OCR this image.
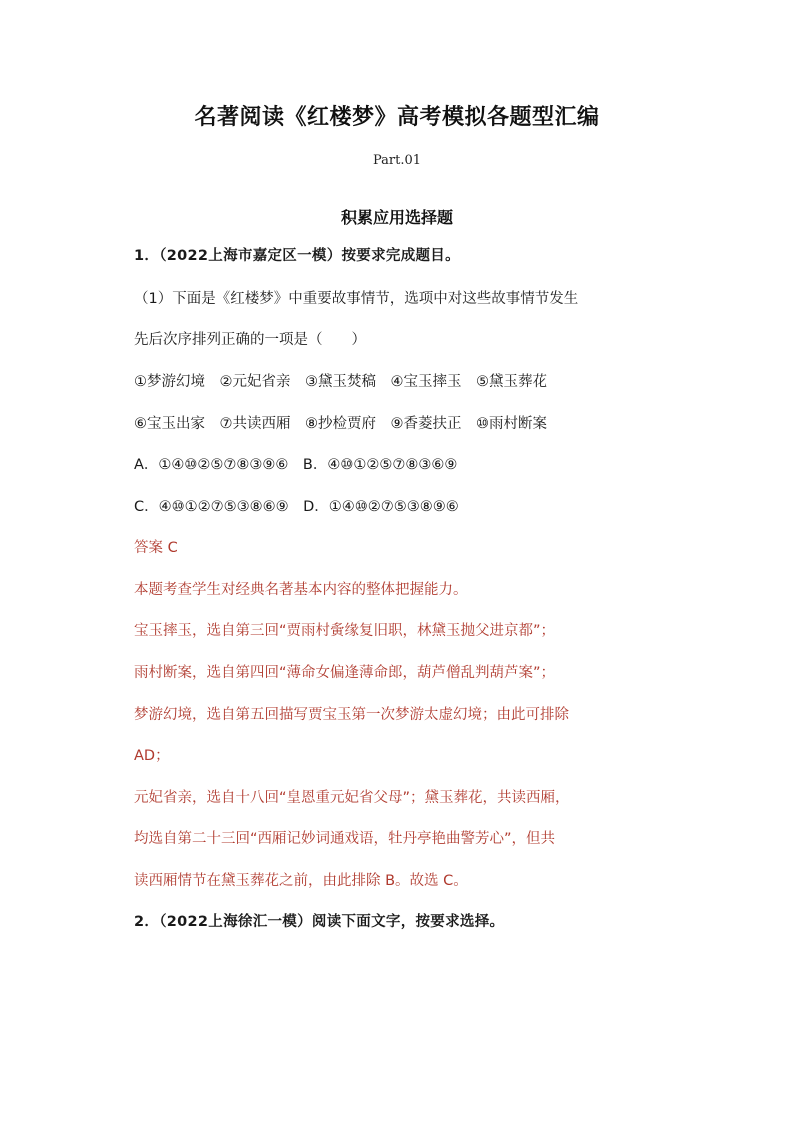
名著阅读《红楼梦》高考模拟各题型汇编
Part.01
积累应用选择题
1．（2022上海市嘉定区一模）按要求完成题目。
（1）下面是《红楼梦》中重要故事情节，选项中对这些故事情节发生
先后次序排列正确的一项是（　　）
①梦游幻境　②元妃省亲　③黛玉焚稿　④宝玉摔玉　⑤黛玉葬花
⑥宝玉出家　⑦共读西厢　⑧抄检贾府　⑨香菱扶正　⑩雨村断案
A．①④⑩②⑤⑦⑧③⑨⑥　B．④⑩①②⑤⑦⑧③⑥⑨
C．④⑩①②⑦⑤③⑧⑥⑨　D．①④⑩②⑦⑤③⑧⑨⑥
答案 C
本题考查学生对经典名著基本内容的整体把握能力。
宝玉摔玉，选自第三回“贾雨村夤缘复旧职，林黛玉抛父进京都”；
雨村断案，选自第四回“薄命女偏逢薄命郎，葫芦僧乱判葫芦案”；
梦游幻境，选自第五回描写贾宝玉第一次梦游太虚幻境；由此可排除
AD；
元妃省亲，选自十八回“皇恩重元妃省父母”；黛玉葬花，共读西厢，
均选自第二十三回“西厢记妙词通戏语，牡丹亭艳曲警芳心”，但共
读西厢情节在黛玉葬花之前，由此排除 B。故选 C。
2．（2022上海徐汇一模）阅读下面文字，按要求选择。
